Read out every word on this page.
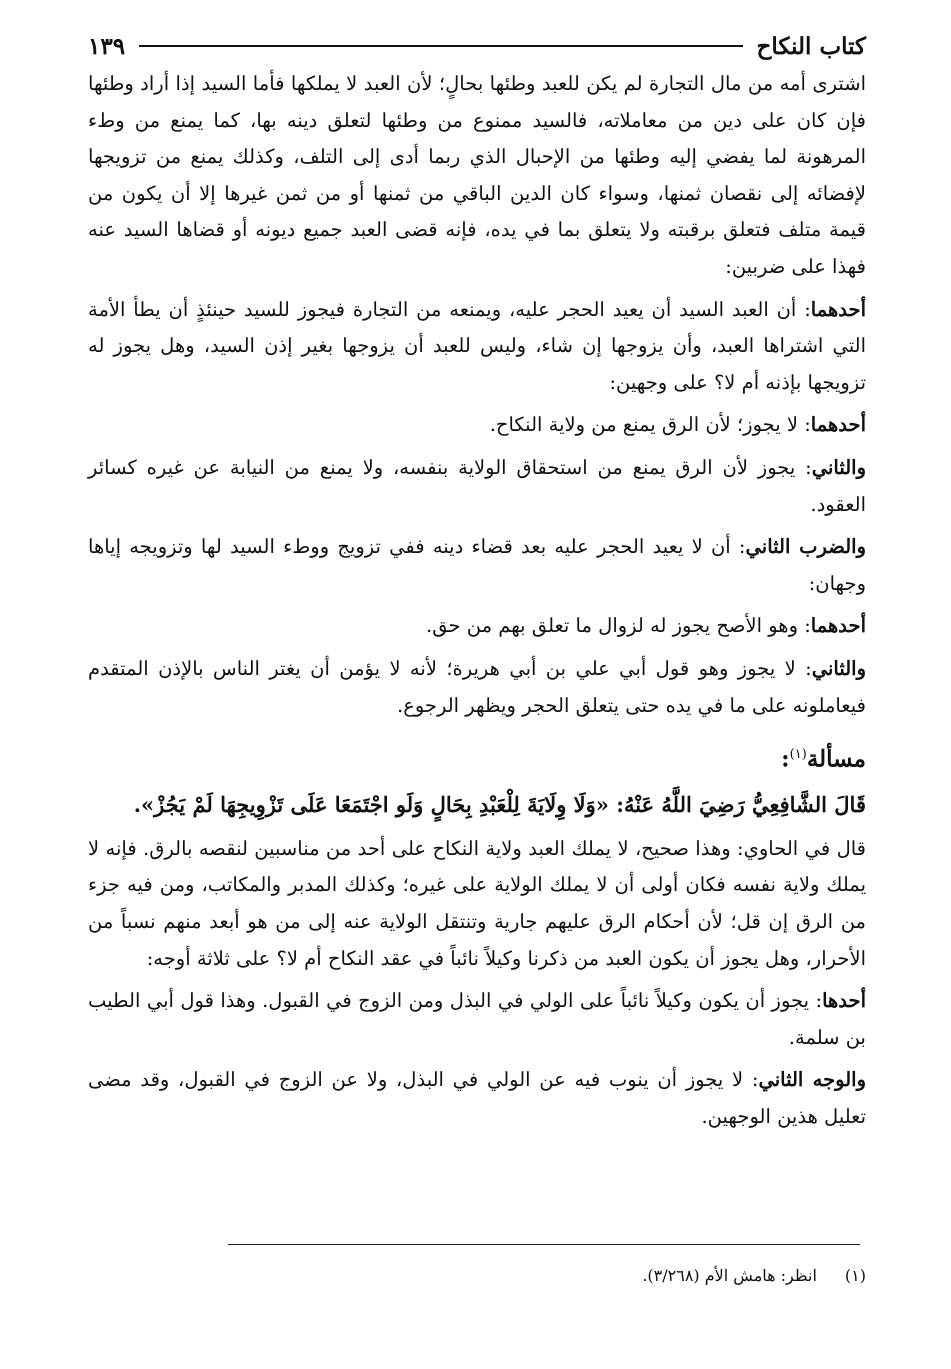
كتاب النكاح
١٣٩

اشترى أمه من مال التجارة لم يكن للعبد وطئها بحالٍ؛ لأن العبد لا يملكها فأما السيد إذا أراد وطئها فإن كان على دين من معاملاته، فالسيد ممنوع من وطئها لتعلق دينه بها، كما يمنع من وطء المرهونة لما يفضي إليه وطئها من الإحبال الذي ربما أدى إلى التلف، وكذلك يمنع من تزويجها لإفضائه إلى نقصان ثمنها، وسواء كان الدين الباقي من ثمنها أو من ثمن غيرها إلا أن يكون من قيمة متلف فتعلق برقبته ولا يتعلق بما في يده، فإنه قضى العبد جميع ديونه أو قضاها السيد عنه فهذا على ضربين:

أحدهما: أن العبد السيد أن يعيد الحجر عليه، ويمنعه من التجارة فيجوز للسيد حينئذٍ أن يطأ الأمة التي اشتراها العبد، وأن يزوجها إن شاء، وليس للعبد أن يزوجها بغير إذن السيد، وهل يجوز له تزويجها بإذنه أم لا؟ على وجهين:

أحدهما: لا يجوز؛ لأن الرق يمنع من ولاية النكاح.

والثاني: يجوز لأن الرق يمنع من استحقاق الولاية بنفسه، ولا يمنع من النيابة عن غيره كسائر العقود.

والضرب الثاني: أن لا يعيد الحجر عليه بعد قضاء دينه ففي تزويج ووطء السيد لها وتزويجه إياها وجهان:

أحدهما: وهو الأصح يجوز له لزوال ما تعلق بهم من حق.

والثاني: لا يجوز وهو قول أبي علي بن أبي هريرة؛ لأنه لا يؤمن أن يغتر الناس بالإذن المتقدم فيعاملونه على ما في يده حتى يتعلق الحجر ويظهر الرجوع.

مسألة$^{(١)}$:

قَالَ الشَّافِعِيُّ رَضِيَ اللَّهُ عَنْهُ: «وَلَا وِلَايَةَ لِلْعَبْدِ بِحَالٍ وَلَو اجْتَمَعَا عَلَى تَزْوِيجِهَا لَمْ يَجُزْ».

قال في الحاوي: وهذا صحيح، لا يملك العبد ولاية النكاح على أحد من مناسبين لنقصه بالرق. فإنه لا يملك ولاية نفسه فكان أولى أن لا يملك الولاية على غيره؛ وكذلك المدبر والمكاتب، ومن فيه جزء من الرق إن قل؛ لأن أحكام الرق عليهم جارية وتنتقل الولاية عنه إلى من هو أبعد منهم نسباً من الأحرار، وهل يجوز أن يكون العبد من ذكرنا وكيلاً نائباً في عقد النكاح أم لا؟ على ثلاثة أوجه:

أحدها: يجوز أن يكون وكيلاً نائباً على الولي في البذل ومن الزوج في القبول. وهذا قول أبي الطيب بن سلمة.

والوجه الثاني: لا يجوز أن ينوب فيه عن الولي في البذل، ولا عن الزوج في القبول، وقد مضى تعليل هذين الوجهين.

(١)انظر: هامش الأم (٣/٢٦٨).
